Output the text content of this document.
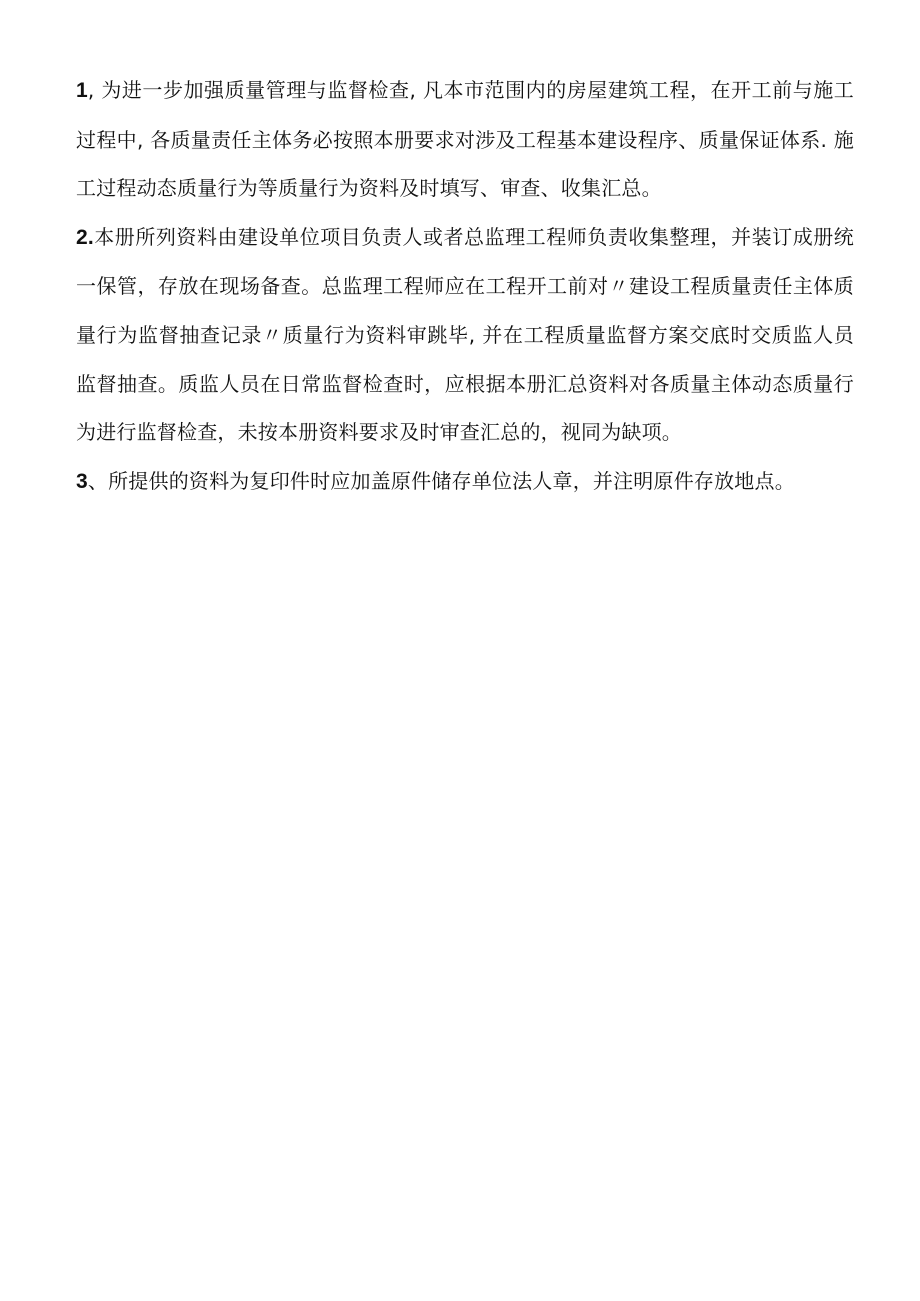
1, 为进一步加强质量管理与监督检查, 凡本市范围内的房屋建筑工程，在开工前与施工过程中, 各质量责任主体务必按照本册要求对涉及工程基本建设程序、质量保证体系. 施工过程动态质量行为等质量行为资料及时填写、审查、收集汇总。

2.本册所列资料由建设单位项目负责人或者总监理工程师负责收集整理，并装订成册统一保管，存放在现场备查。总监理工程师应在工程开工前对〃建设工程质量责任主体质量行为监督抽查记录〃质量行为资料审跳毕, 并在工程质量监督方案交底时交质监人员监督抽查。质监人员在日常监督检查时，应根据本册汇总资料对各质量主体动态质量行为进行监督检查，未按本册资料要求及时审查汇总的，视同为缺项。

3、所提供的资料为复印件时应加盖原件储存单位法人章，并注明原件存放地点。
